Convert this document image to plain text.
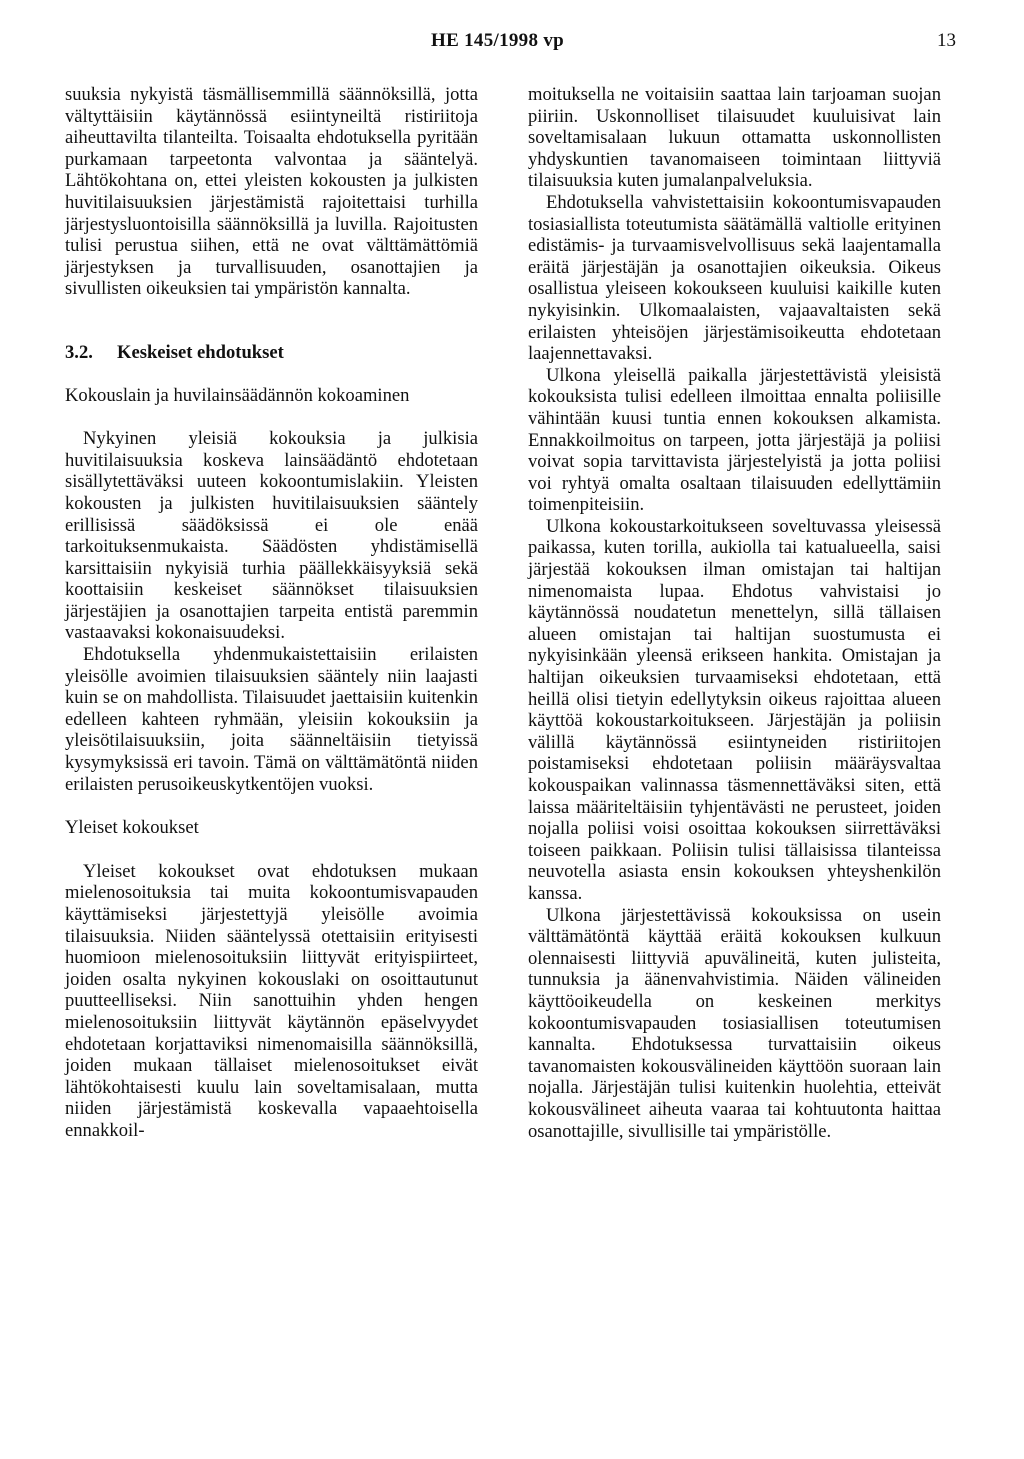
HE 145/1998 vp	13

suuksia nykyistä täsmällisemmillä säännöksillä, jotta vältyttäisiin käytännössä esiintyneiltä ristiriitoja aiheuttavilta tilanteilta. Toisaalta ehdotuksella pyritään purkamaan tarpeetonta valvontaa ja sääntelyä. Lähtökohtana on, ettei yleisten kokousten ja julkisten huvitilaisuuksien järjestämistä rajoitettaisi turhilla järjestysluontoisilla säännöksillä ja luvilla. Rajoitusten tulisi perustua siihen, että ne ovat välttämättömiä järjestyksen ja turvallisuuden, osanottajien ja sivullisten oikeuksien tai ympäristön kannalta.

3.2. Keskeiset ehdotukset

Kokouslain ja huvilainsäädännön kokoaminen

Nykyinen yleisiä kokouksia ja julkisia huvitilaisuuksia koskeva lainsäädäntö ehdotetaan sisällytettäväksi uuteen kokoontumislakiin. Yleisten kokousten ja julkisten huvitilaisuuksien sääntely erillisissä säädöksissä ei ole enää tarkoituksenmukaista. Säädösten yhdistämisellä karsittaisiin nykyisiä turhia päällekkäisyyksiä sekä koottaisiin keskeiset säännökset tilaisuuksien järjestäjien ja osanottajien tarpeita entistä paremmin vastaavaksi kokonaisuudeksi.

Ehdotuksella yhdenmukaistettaisiin erilaisten yleisölle avoimien tilaisuuksien sääntely niin laajasti kuin se on mahdollista. Tilaisuudet jaettaisiin kuitenkin edelleen kahteen ryhmään, yleisiin kokouksiin ja yleisötilaisuuksiin, joita säänneltäisiin tietyissä kysymyksissä eri tavoin. Tämä on välttämätöntä niiden erilaisten perusoikeuskytkentöjen vuoksi.

Yleiset kokoukset

Yleiset kokoukset ovat ehdotuksen mukaan mielenosoituksia tai muita kokoontumisvapauden käyttämiseksi järjestettyjä yleisölle avoimia tilaisuuksia. Niiden sääntelyssä otettaisiin erityisesti huomioon mielenosoituksiin liittyvät erityispiirteet, joiden osalta nykyinen kokouslaki on osoittautunut puutteelliseksi. Niin sanottuihin yhden hengen mielenosoituksiin liittyvät käytännön epäselvyydet ehdotetaan korjattaviksi nimenomaisilla säännöksillä, joiden mukaan tällaiset mielenosoitukset eivät lähtökohtaisesti kuulu lain soveltamisalaan, mutta niiden järjestämistä koskevalla vapaaehtoisella ennakkoil-

moituksella ne voitaisiin saattaa lain tarjoaman suojan piiriin. Uskonnolliset tilaisuudet kuuluisivat lain soveltamisalaan lukuun ottamatta uskonnollisten yhdyskuntien tavanomaiseen toimintaan liittyviä tilaisuuksia kuten jumalanpalveluksia.

Ehdotuksella vahvistettaisiin kokoontumisvapauden tosiasiallista toteutumista säätämällä valtiolle erityinen edistämis- ja turvaamisvelvollisuus sekä laajentamalla eräitä järjestäjän ja osanottajien oikeuksia. Oikeus osallistua yleiseen kokoukseen kuuluisi kaikille kuten nykyisinkin. Ulkomaalaisten, vajaavaltaisten sekä erilaisten yhteisöjen järjestämisoikeutta ehdotetaan laajennettavaksi.

Ulkona yleisellä paikalla järjestettävistä yleisistä kokouksista tulisi edelleen ilmoittaa ennalta poliisille vähintään kuusi tuntia ennen kokouksen alkamista. Ennakkoilmoitus on tarpeen, jotta järjestäjä ja poliisi voivat sopia tarvittavista järjestelyistä ja jotta poliisi voi ryhtyä omalta osaltaan tilaisuuden edellyttämiin toimenpiteisiin.

Ulkona kokoustarkoitukseen soveltuvassa yleisessä paikassa, kuten torilla, aukiolla tai katualueella, saisi järjestää kokouksen ilman omistajan tai haltijan nimenomaista lupaa. Ehdotus vahvistaisi jo käytännössä noudatetun menettelyn, sillä tällaisen alueen omistajan tai haltijan suostumusta ei nykyisinkään yleensä erikseen hankita. Omistajan ja haltijan oikeuksien turvaamiseksi ehdotetaan, että heillä olisi tietyin edellytyksin oikeus rajoittaa alueen käyttöä kokoustarkoitukseen. Järjestäjän ja poliisin välillä käytännössä esiintyneiden ristiriitojen poistamiseksi ehdotetaan poliisin määräysvaltaa kokouspaikan valinnassa täsmennettäväksi siten, että laissa määriteltäisiin tyhjentävästi ne perusteet, joiden nojalla poliisi voisi osoittaa kokouksen siirrettäväksi toiseen paikkaan. Poliisin tulisi tällaisissa tilanteissa neuvotella asiasta ensin kokouksen yhteyshenkilön kanssa.

Ulkona järjestettävissä kokouksissa on usein välttämätöntä käyttää eräitä kokouksen kulkuun olennaisesti liittyviä apuvälineitä, kuten julisteita, tunnuksia ja äänenvahvistimia. Näiden välineiden käyttöoikeudella on keskeinen merkitys kokoontumisvapauden tosiasiallisen toteutumisen kannalta. Ehdotuksessa turvattaisiin oikeus tavanomaisten kokousvälineiden käyttöön suoraan lain nojalla. Järjestäjän tulisi kuitenkin huolehtia, etteivät kokousvälineet aiheuta vaaraa tai kohtuutonta haittaa osanottajille, sivullisille tai ympäristölle.
